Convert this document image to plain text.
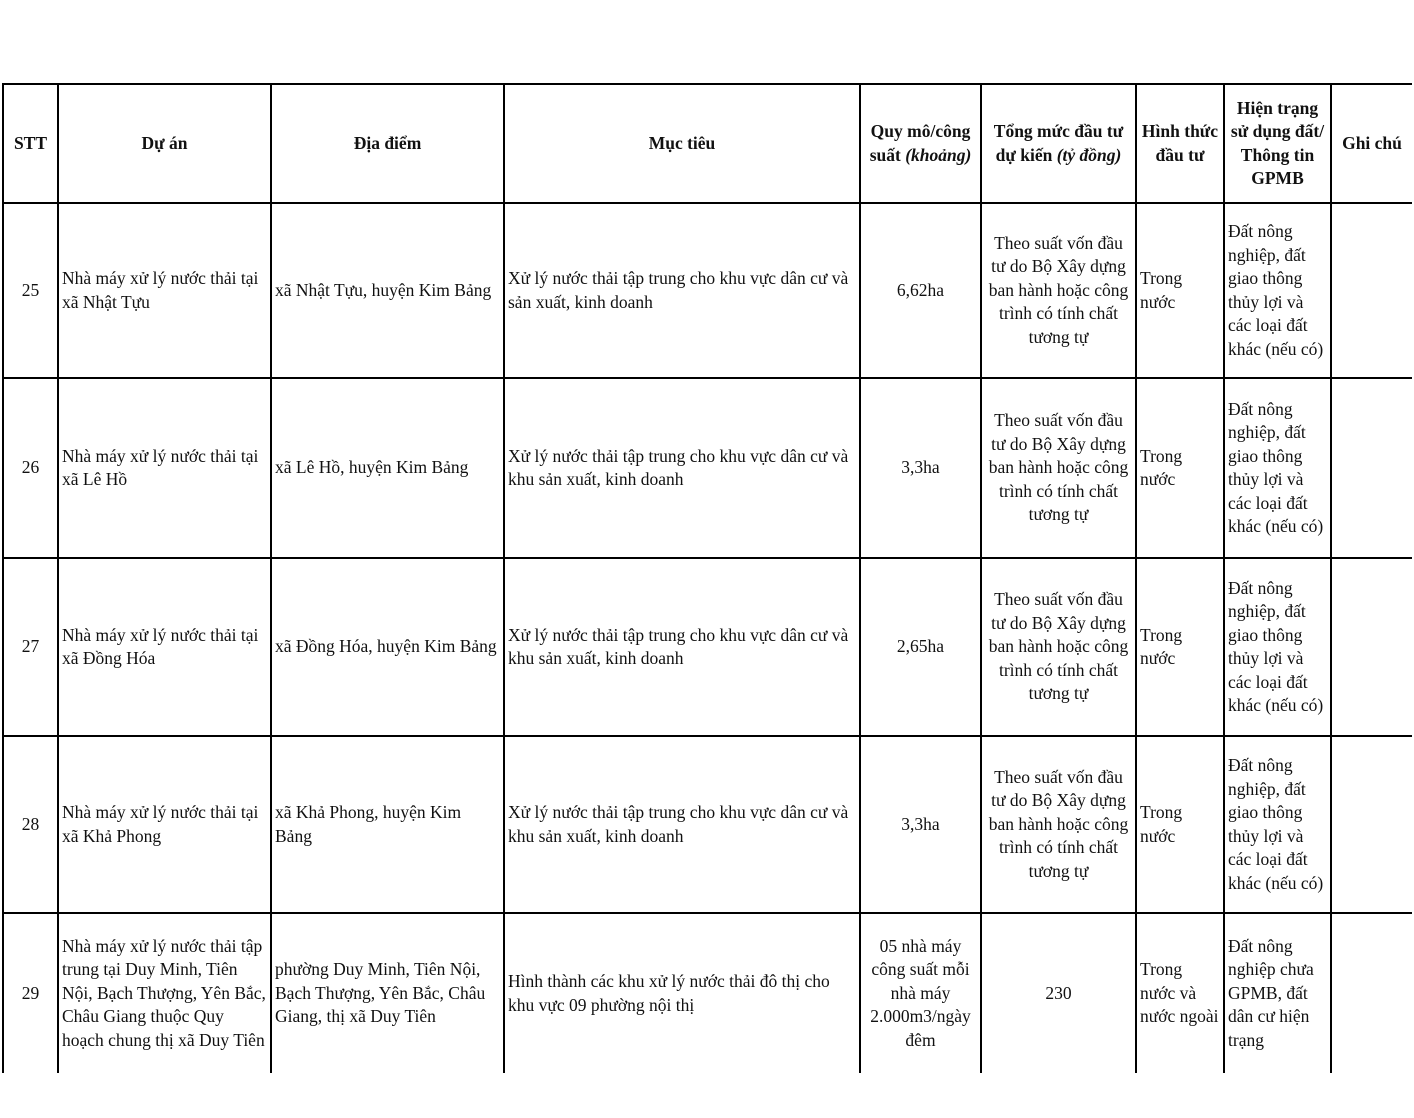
STT	Dự án	Địa điểm	Mục tiêu	Quy mô/công suất (khoảng)	Tổng mức đầu tư dự kiến (tỷ đồng)	Hình thức đầu tư	Hiện trạng sử dụng đất/ Thông tin GPMB	Ghi chú
25	Nhà máy xử lý nước thải tại xã Nhật Tựu	xã Nhật Tựu, huyện Kim Bảng	Xử lý nước thải tập trung cho khu vực dân cư và sản xuất, kinh doanh	6,62ha	Theo suất vốn đầu tư do Bộ Xây dựng ban hành hoặc công trình có tính chất tương tự	Trong nước	Đất nông nghiệp, đất giao thông thủy lợi và các loại đất khác (nếu có)	
26	Nhà máy xử lý nước thải tại xã Lê Hồ	xã Lê Hồ, huyện Kim Bảng	Xử lý nước thải tập trung cho khu vực dân cư và khu sản xuất, kinh doanh	3,3ha	Theo suất vốn đầu tư do Bộ Xây dựng ban hành hoặc công trình có tính chất tương tự	Trong nước	Đất nông nghiệp, đất giao thông thủy lợi và các loại đất khác (nếu có)	
27	Nhà máy xử lý nước thải tại xã Đồng Hóa	xã Đồng Hóa, huyện Kim Bảng	Xử lý nước thải tập trung cho khu vực dân cư và khu sản xuất, kinh doanh	2,65ha	Theo suất vốn đầu tư do Bộ Xây dựng ban hành hoặc công trình có tính chất tương tự	Trong nước	Đất nông nghiệp, đất giao thông thủy lợi và các loại đất khác (nếu có)	
28	Nhà máy xử lý nước thải tại xã Khả Phong	xã Khả Phong, huyện Kim Bảng	Xử lý nước thải tập trung cho khu vực dân cư và khu sản xuất, kinh doanh	3,3ha	Theo suất vốn đầu tư do Bộ Xây dựng ban hành hoặc công trình có tính chất tương tự	Trong nước	Đất nông nghiệp, đất giao thông thủy lợi và các loại đất khác (nếu có)	
29	Nhà máy xử lý nước thải tập trung tại Duy Minh, Tiên Nội, Bạch Thượng, Yên Bắc, Châu Giang thuộc Quy hoạch chung thị xã Duy Tiên	phường Duy Minh, Tiên Nội, Bạch Thượng, Yên Bắc, Châu Giang, thị xã Duy Tiên	Hình thành các khu xử lý nước thải đô thị cho khu vực 09 phường nội thị	05 nhà máy công suất mỗi nhà máy 2.000m3/ngày đêm	230	Trong nước và nước ngoài	Đất nông nghiệp chưa GPMB, đất dân cư hiện trạng	
